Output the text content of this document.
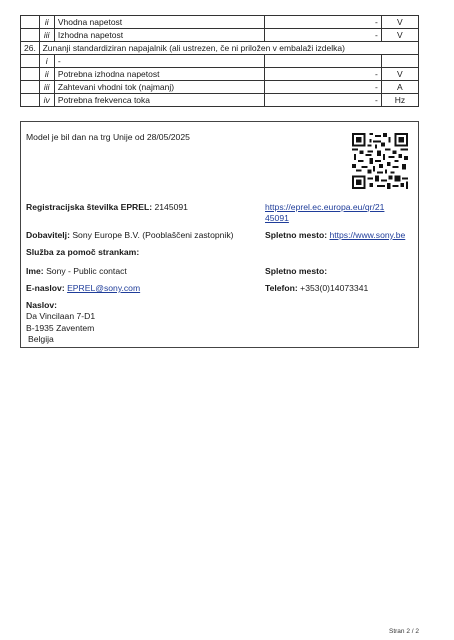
	ii	Vhodna napetost	-	V
	iii	Izhodna napetost	-	V
26.	Zunanji standardiziran napajalnik (ali ustrezen, če ni priložen v embalaži izdelka)			
	i	-		
	ii	Potrebna izhodna napetost	-	V
	iii	Zahtevani vhodni tok (najmanj)	-	A
	iv	Potrebna frekvenca toka	-	Hz
Model je bil dan na trg Unije od 28/05/2025
Registracijska številka EPREL: 2145091	https://eprel.ec.europa.eu/qr/21
45091
Dobavitelj: Sony Europe B.V. (Pooblaščeni zastopnik)	Spletno mesto: https://www.sony.be
Služba za pomoč strankam:
Ime: Sony - Public contact	Spletno mesto:
E-naslov: EPREL@sony.com	Telefon: +353(0)14073341
Naslov:
Da Vincilaan 7-D1
B-1935 Zaventem
Belgija
Stran 2 / 2
